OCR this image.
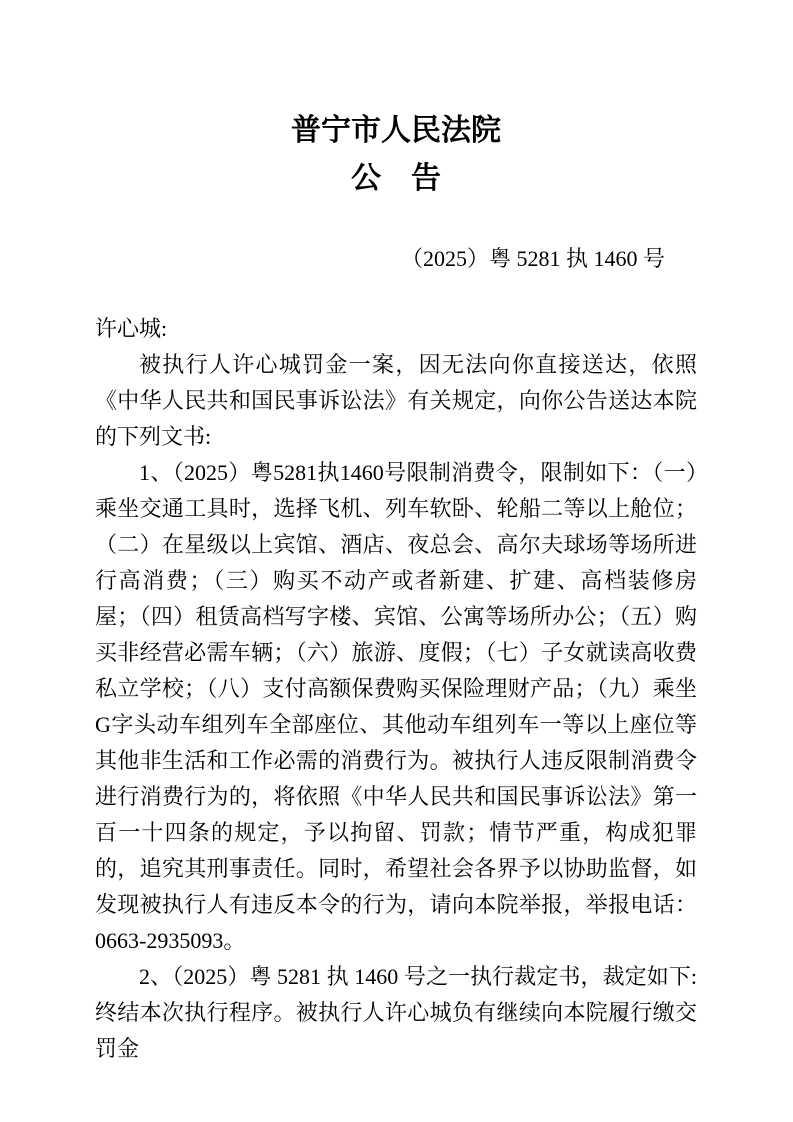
普宁市人民法院
公　告
（2025）粤 5281 执 1460 号

许心城:

被执行人许心城罚金一案，因无法向你直接送达，依照《中华人民共和国民事诉讼法》有关规定，向你公告送达本院的下列文书:

1、（2025）粤5281执1460号限制消费令，限制如下：（一）乘坐交通工具时，选择飞机、列车软卧、轮船二等以上舱位；（二）在星级以上宾馆、酒店、夜总会、高尔夫球场等场所进行高消费；（三）购买不动产或者新建、扩建、高档装修房屋；（四）租赁高档写字楼、宾馆、公寓等场所办公；（五）购买非经营必需车辆；（六）旅游、度假；（七）子女就读高收费私立学校；（八）支付高额保费购买保险理财产品；（九）乘坐G字头动车组列车全部座位、其他动车组列车一等以上座位等其他非生活和工作必需的消费行为。被执行人违反限制消费令进行消费行为的，将依照《中华人民共和国民事诉讼法》第一百一十四条的规定，予以拘留、罚款；情节严重，构成犯罪的，追究其刑事责任。同时，希望社会各界予以协助监督，如发现被执行人有违反本令的行为，请向本院举报，举报电话：0663-2935093。

2、（2025）粤 5281 执 1460 号之一执行裁定书，裁定如下: 终结本次执行程序。被执行人许心城负有继续向本院履行缴交罚金
